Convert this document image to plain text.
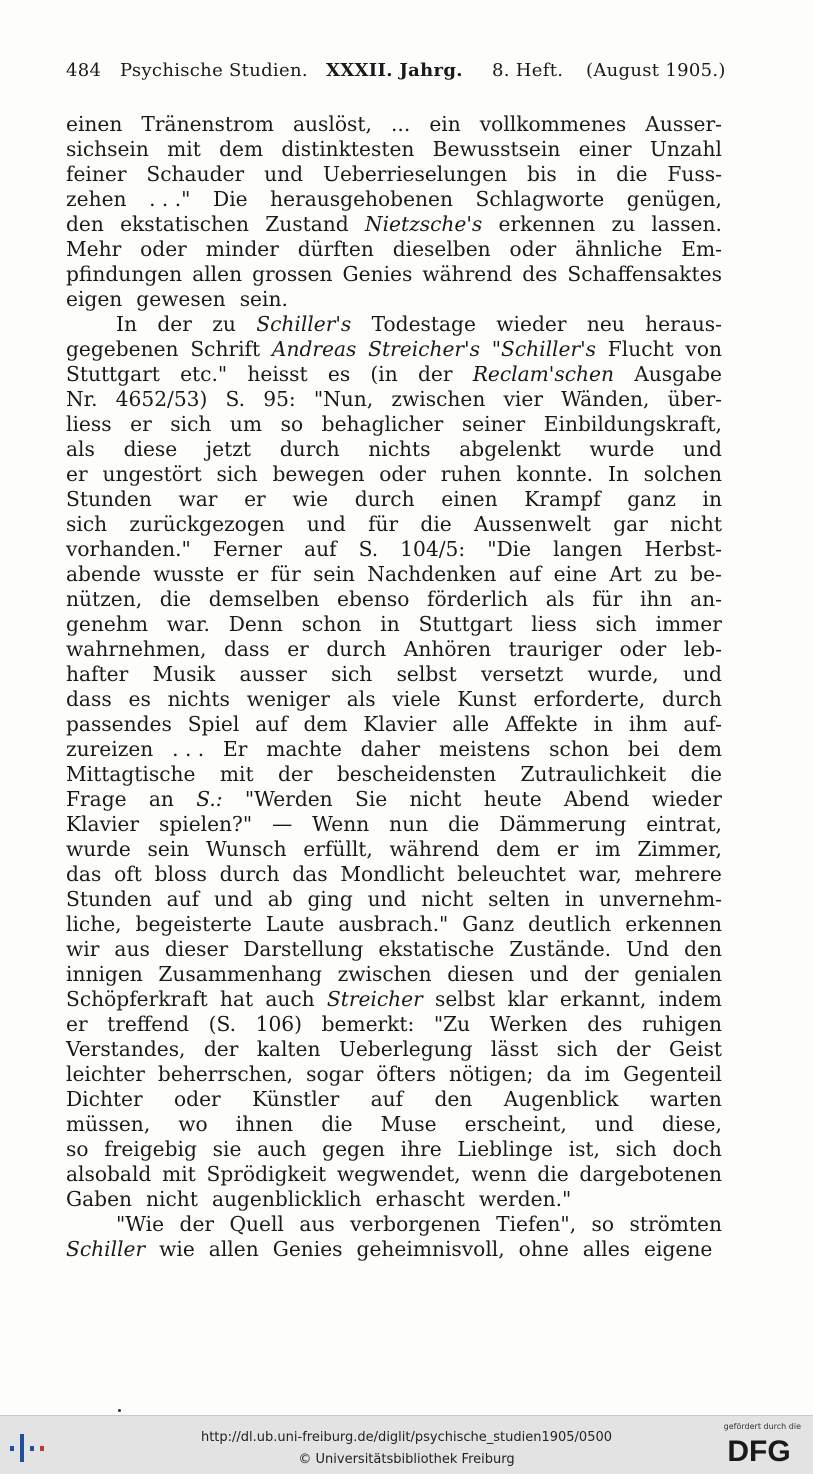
484 Psychische Studien. XXXII. Jahrg. 8. Heft. (August 1905.)
einen Tränenstrom auslöst, ... ein vollkommenes Ausser-
sichsein mit dem distinktesten Bewusstsein einer Unzahl
feiner Schauder und Ueberrieselungen bis in die Fuss-
zehen . . ." Die herausgehobenen Schlagworte genügen,
den ekstatischen Zustand Nietzsche's erkennen zu lassen.
Mehr oder minder dürften dieselben oder ähnliche Em-
pfindungen allen grossen Genies während des Schaffensaktes
eigen gewesen sein.
In der zu Schiller's Todestage wieder neu heraus-
gegebenen Schrift Andreas Streicher's "Schiller's Flucht von
Stuttgart etc." heisst es (in der Reclam'schen Ausgabe
Nr. 4652/53) S. 95: "Nun, zwischen vier Wänden, über-
liess er sich um so behaglicher seiner Einbildungskraft,
als diese jetzt durch nichts abgelenkt wurde und
er ungestört sich bewegen oder ruhen konnte. In solchen
Stunden war er wie durch einen Krampf ganz in
sich zurückgezogen und für die Aussenwelt gar nicht
vorhanden." Ferner auf S. 104/5: "Die langen Herbst-
abende wusste er für sein Nachdenken auf eine Art zu be-
nützen, die demselben ebenso förderlich als für ihn an-
genehm war. Denn schon in Stuttgart liess sich immer
wahrnehmen, dass er durch Anhören trauriger oder leb-
hafter Musik ausser sich selbst versetzt wurde, und
dass es nichts weniger als viele Kunst erforderte, durch
passendes Spiel auf dem Klavier alle Affekte in ihm auf-
zureizen . . . Er machte daher meistens schon bei dem
Mittagtische mit der bescheidensten Zutraulichkeit die
Frage an S.: "Werden Sie nicht heute Abend wieder
Klavier spielen?" — Wenn nun die Dämmerung eintrat,
wurde sein Wunsch erfüllt, während dem er im Zimmer,
das oft bloss durch das Mondlicht beleuchtet war, mehrere
Stunden auf und ab ging und nicht selten in unvernehm-
liche, begeisterte Laute ausbrach." Ganz deutlich erkennen
wir aus dieser Darstellung ekstatische Zustände. Und den
innigen Zusammenhang zwischen diesen und der genialen
Schöpferkraft hat auch Streicher selbst klar erkannt, indem
er treffend (S. 106) bemerkt: "Zu Werken des ruhigen
Verstandes, der kalten Ueberlegung lässt sich der Geist
leichter beherrschen, sogar öfters nötigen; da im Gegenteil
Dichter oder Künstler auf den Augenblick warten
müssen, wo ihnen die Muse erscheint, und diese,
so freigebig sie auch gegen ihre Lieblinge ist, sich doch
alsobald mit Sprödigkeit wegwendet, wenn die dargebotenen
Gaben nicht augenblicklich erhascht werden."
"Wie der Quell aus verborgenen Tiefen", so strömten
Schiller wie allen Genies geheimnisvoll, ohne alles eigene
http://dl.ub.uni-freiburg.de/diglit/psychische_studien1905/0500
© Universitätsbibliothek Freiburg
gefördert durch die
DFG
